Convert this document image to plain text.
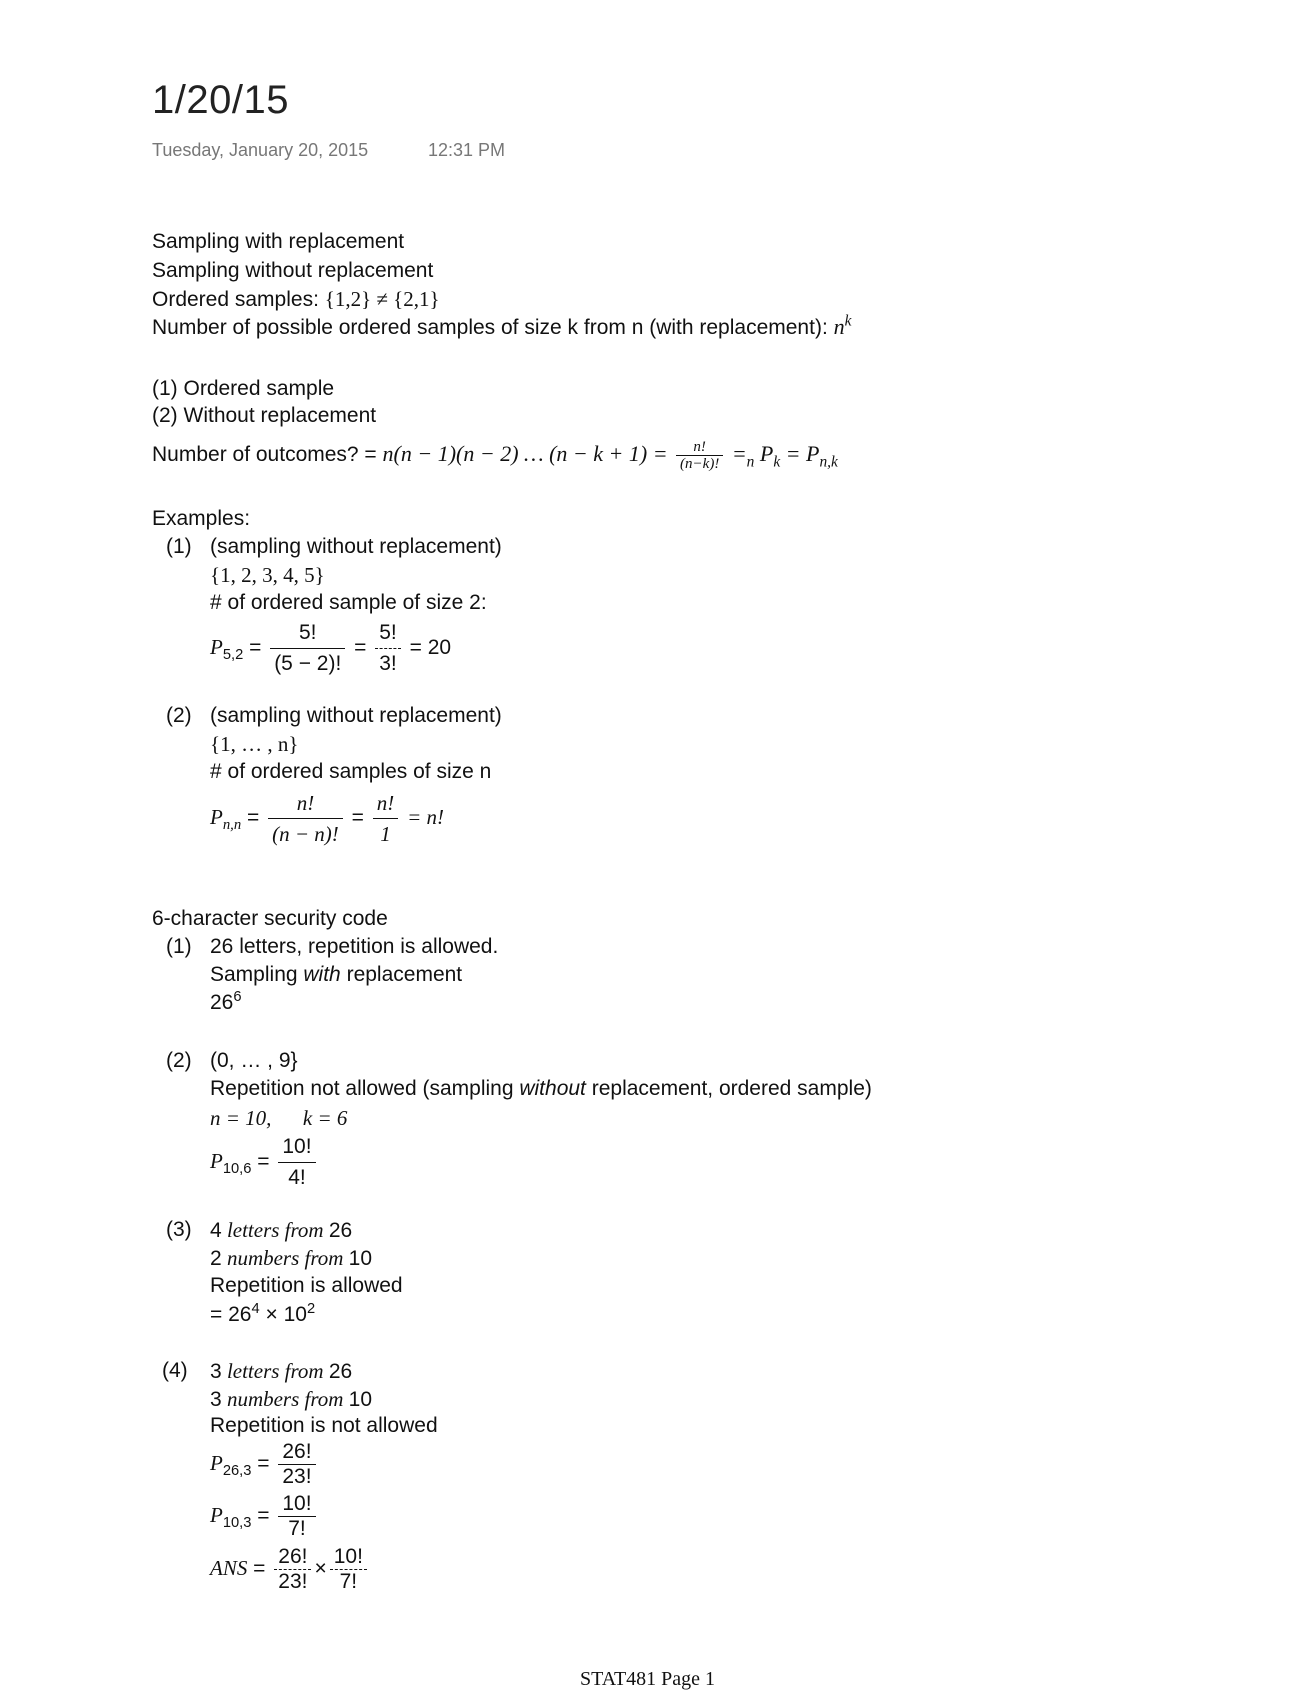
1/20/15
Tuesday, January 20, 2015	12:31 PM
Sampling with replacement
Sampling without replacement
Ordered samples: {1,2} ≠ {2,1}
Number of possible ordered samples of size k from n (with replacement): $n^k$
(1) Ordered sample
(2) Without replacement
Number of outcomes? = n(n − 1)(n − 2) … $(n - k + 1) = \frac{n!}{(n-k)!} =_n$ $P_k = P_{n,k}$
Examples:
(1) (sampling without replacement)
{1, 2, 3, 4, 5}
# of ordered sample of size 2:
$P_{5,2} = \frac{5!}{(5 - 2)!} = \frac{5!}{3!} = 20$
(2) (sampling without replacement)
{1, … , n}
# of ordered samples of size n
$P_{n,n} = \frac{n!}{(n - n)!} = \frac{n!}{1} = n$!
6-character security code
(1) 26 letters, repetition is allowed.
Sampling with replacement
$26^6$
(2) (0, … , 9}
Repetition not allowed (sampling without replacement, ordered sample)
n = 10,      k = 6
$P_{10,6} = \frac{10!}{4!}$
(3) 4 letters from 26
2 numbers from 10
Repetition is allowed
= $26^4 \times 10^2$
(4) 3 letters from 26
3 numbers from 10
Repetition is not allowed
$P_{26,3} = \frac{26!}{23!}$
$P_{10,3} = \frac{10!}{7!}$
ANS = $\frac{26!}{23!} \times \frac{10!}{7!}$
STAT481 Page 1
